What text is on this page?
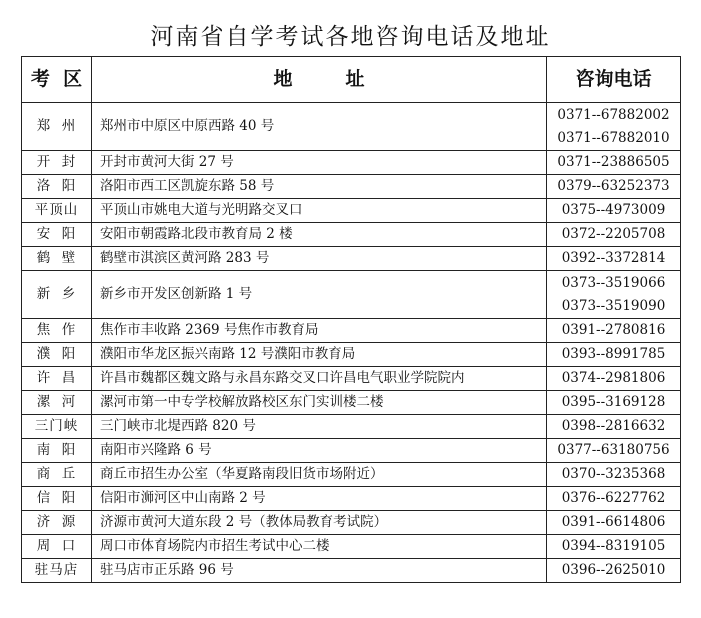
河南省自学考试各地咨询电话及地址
考  区	地        址	咨询电话
郑  州	郑州市中原区中原西路 40 号	0371--67882002
0371--67882010

开  封	开封市黄河大街 27 号	0371--23886505

洛  阳	洛阳市西工区凯旋东路 58 号	0379--63252373

平顶山	平顶山市姚电大道与光明路交叉口	0375--4973009

安  阳	安阳市朝霞路北段市教育局 2 楼	0372--2205708

鹤  壁	鹤壁市淇滨区黄河路 283 号	0392--3372814

新  乡	新乡市开发区创新路 1 号	0373--3519066
0373--3519090

焦  作	焦作市丰收路 2369 号焦作市教育局	0391--2780816

濮  阳	濮阳市华龙区振兴南路 12 号濮阳市教育局	0393--8991785

许  昌	许昌市魏都区魏文路与永昌东路交叉口许昌电气职业学院院内	0374--2981806

漯  河	漯河市第一中专学校解放路校区东门实训楼二楼	0395--3169128

三门峡	三门峡市北堤西路 820 号	0398--2816632

南  阳	南阳市兴隆路 6 号	0377--63180756

商  丘	商丘市招生办公室（华夏路南段旧货市场附近）	0370--3235368

信  阳	信阳市浉河区中山南路 2 号	0376--6227762

济  源	济源市黄河大道东段 2 号（教体局教育考试院）	0391--6614806

周  口	周口市体育场院内市招生考试中心二楼	0394--8319105

驻马店	驻马店市正乐路 96 号	0396--2625010
